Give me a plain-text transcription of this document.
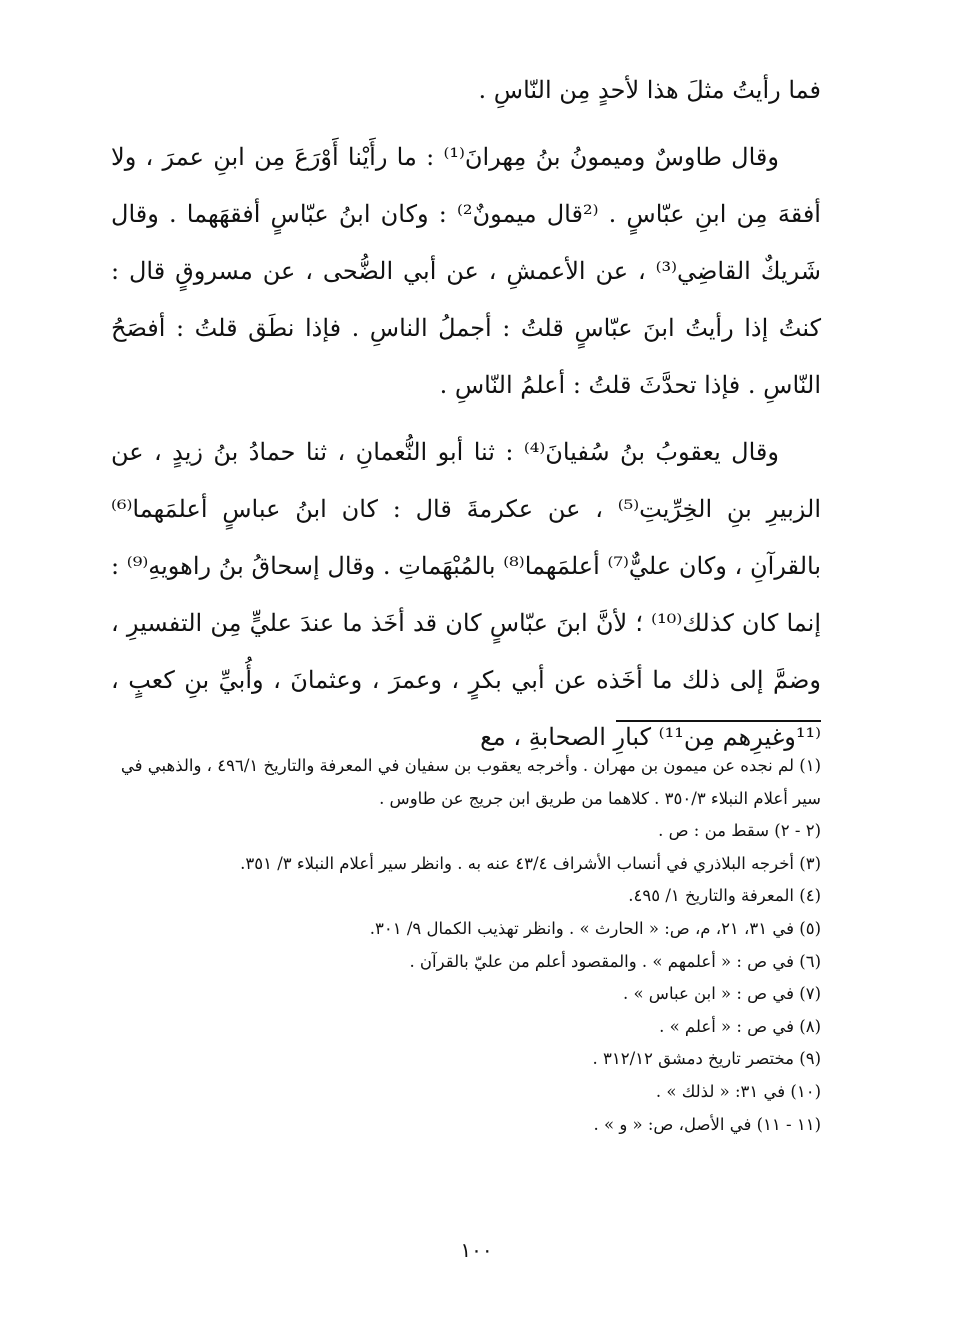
فما رأيتُ مثلَ هذا لأحدٍ مِن النّاسِ .

وقال طاوسٌ وميمونُ بنُ مِهرانَ⁽¹⁾ : ما رأَيْنا أَوْرَعَ مِن ابنِ عمرَ ، ولا أفقهَ مِن ابنِ عبّاسٍ . ⁽²قال ميمونٌ²⁾ : وكان ابنُ عبّاسٍ أفقهَهما . وقال شَريكٌ القاضِي⁽³⁾ ، عن الأعمشِ ، عن أبي الضُّحى ، عن مسروقٍ قال : كنتُ إذا رأيتُ ابنَ عبّاسٍ قلتُ : أجملُ الناسِ . فإذا نطَق قلتُ : أفصَحُ النّاسِ . فإذا تحدَّثَ قلتُ : أعلمُ النّاسِ .

وقال يعقوبُ بنُ سُفيانَ⁽⁴⁾ : ثنا أبو النُّعمانِ ، ثنا حمادُ بنُ زيدٍ ، عن الزبيرِ بنِ الخِرِّيتِ⁽⁵⁾ ، عن عكرمةَ قال : كان ابنُ عباسٍ أعلمَهما⁽⁶⁾ بالقرآنِ ، وكان عليٌّ⁽⁷⁾ أعلمَهما⁽⁸⁾ بالمُبْهَماتِ . وقال إسحاقُ بنُ راهويهِ⁽⁹⁾ : إنما كان كذلك⁽¹⁰⁾ ؛ لأنَّ ابنَ عبّاسٍ كان قد أخَذ ما عندَ عليٍّ مِن التفسيرِ ، وضمَّ إلى ذلك ما أخَذه عن أبي بكرٍ ، وعمرَ ، وعثمانَ ، وأُبيِّ بنِ كعبٍ ، ⁽¹¹وغيرِهم مِن¹¹⁾ كبارِ الصحابةِ ، مع

(١) لم نجده عن ميمون بن مهران . وأخرجه يعقوب بن سفيان في المعرفة والتاريخ ٤٩٦/١ ، والذهبي في سير أعلام النبلاء ٣٥٠/٣ . كلاهما من طريق ابن جريج عن طاوس .
(٢ - ٢) سقط من : ص .
(٣) أخرجه البلاذري في أنساب الأشراف ٤٣/٤ عنه به . وانظر سير أعلام النبلاء ٣/ ٣٥١.
(٤) المعرفة والتاريخ ١/ ٤٩٥.
(٥) في ٣١، ٢١، م، ص: « الحارث » . وانظر تهذيب الكمال ٩/ ٣٠١.
(٦) في ص : « أعلمهم » . والمقصود أعلم من عليّ بالقرآن .
(٧) في ص : « ابن عباس » .
(٨) في ص : « أعلم » .
(٩) مختصر تاريخ دمشق ٣١٢/١٢ .
(١٠) في ٣١: « لذلك » .
(١١ - ١١) في الأصل، ص: « و » .
١٠٠
